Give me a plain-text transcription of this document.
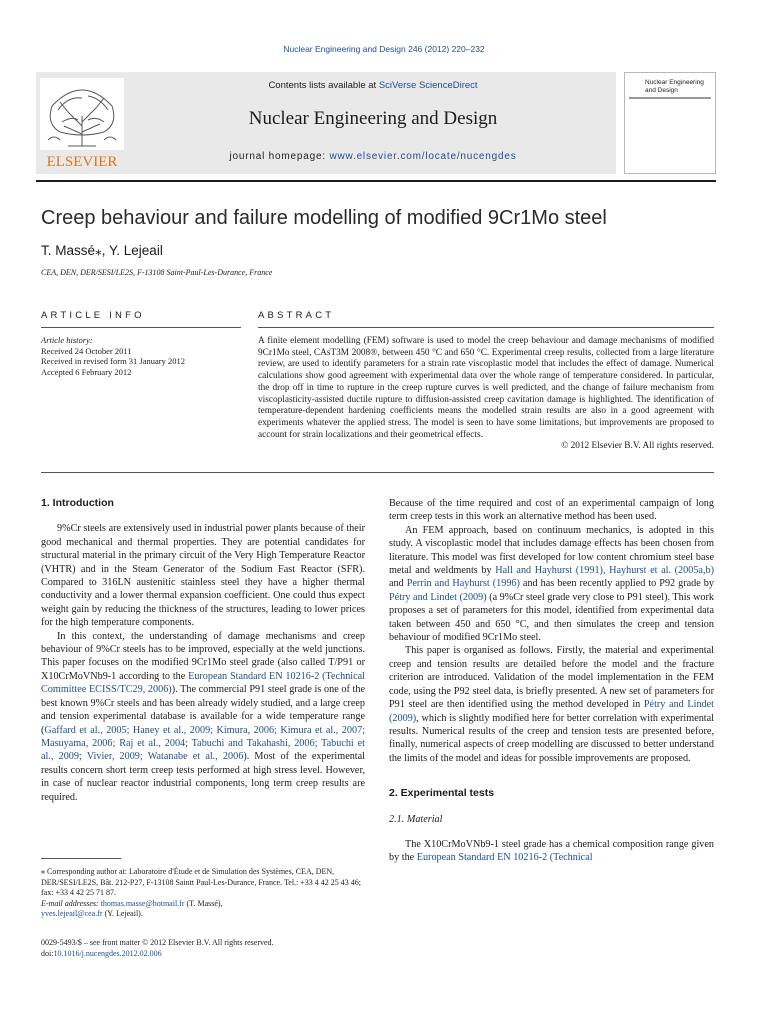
Nuclear Engineering and Design 246 (2012) 220–232
ELSEVIER
Contents lists available at SciVerse ScienceDirect
Nuclear Engineering and Design
journal homepage: www.elsevier.com/locate/nucengdes
Nuclear Engineering and Design
Creep behaviour and failure modelling of modified 9Cr1Mo steel
T. Massé⁎, Y. Lejeail
CEA, DEN, DER/SESI/LE2S, F-13108 Saint-Paul-Les-Durance, France
ARTICLE INFO	ABSTRACT
Article history:
Received 24 October 2011
Received in revised form 31 January 2012
Accepted 6 February 2012
A finite element modelling (FEM) software is used to model the creep behaviour and damage mechanisms of modified 9Cr1Mo steel, CAsT3M 2008®, between 450 °C and 650 °C. Experimental creep results, collected from a large literature review, are used to identify parameters for a strain rate viscoplastic model that includes the effect of damage. Numerical calculations show good agreement with experimental data over the whole range of temperature considered. In particular, the drop off in time to rupture in the creep rupture curves is well predicted, and the change of failure mechanism from viscoplasticity-assisted ductile rupture to diffusion-assisted creep cavitation damage is highlighted. The identification of temperature-dependent hardening coefficients means the modelled strain results are also in a good agreement with experiments whatever the applied stress. The model is seen to have some limitations, but improvements are proposed to account for strain localizations and their geometrical effects.
© 2012 Elsevier B.V. All rights reserved.
1. Introduction

9%Cr steels are extensively used in industrial power plants because of their good mechanical and thermal properties. They are potential candidates for structural material in the primary circuit of the Very High Temperature Reactor (VHTR) and in the Steam Generator of the Sodium Fast Reactor (SFR). Compared to 316LN austenitic stainless steel they have a higher thermal conductivity and a lower thermal expansion coefficient. One could thus expect weight gain by reducing the thickness of the structures, leading to lower prices for the high temperature components.

In this context, the understanding of damage mechanisms and creep behaviour of 9%Cr steels has to be improved, especially at the weld junctions. This paper focuses on the modified 9Cr1Mo steel grade (also called T/P91 or X10CrMoVNb9-1 according to the European Standard EN 10216-2 (Technical Committee ECISS/TC29, 2006)). The commercial P91 steel grade is one of the best known 9%Cr steels and has been already widely studied, and a large creep and tension experimental database is available for a wide temperature range (Gaffard et al., 2005; Haney et al., 2009; Kimura, 2006; Kimura et al., 2007; Masuyama, 2006; Raj et al., 2004; Tabuchi and Takahashi, 2006; Tabuchi et al., 2009; Vivier, 2009; Watanabe et al., 2006). Most of the experimental results concern short term creep tests performed at high stress level. However, in case of nuclear reactor industrial components, long term creep results are required.

Because of the time required and cost of an experimental campaign of long term creep tests in this work an alternative method has been used.

An FEM approach, based on continuum mechanics, is adopted in this study. A viscoplastic model that includes damage effects has been chosen from literature. This model was first developed for low content chromium steel base metal and weldments by Hall and Hayhurst (1991), Hayhurst et al. (2005a,b) and Perrin and Hayhurst (1996) and has been recently applied to P92 grade by Pétry and Lindet (2009) (a 9%Cr steel grade very close to P91 steel). This work proposes a set of parameters for this model, identified from experimental data taken between 450 and 650 °C, and then simulates the creep and tension behaviour of modified 9Cr1Mo steel.

This paper is organised as follows. Firstly, the material and experimental creep and tension results are detailed before the model and the fracture criterion are introduced. Validation of the model implementation in the FEM code, using the P92 steel data, is briefly presented. A new set of parameters for P91 steel are then identified using the method developed in Pétry and Lindet (2009), which is slightly modified here for better correlation with experimental results. Numerical results of the creep and tension tests are presented before, finally, numerical aspects of creep modelling are discussed to better understand the limits of the model and ideas for possible improvements are proposed.

2. Experimental tests
2.1. Material

The X10CrMoVNb9-1 steel grade has a chemical composition range given by the European Standard EN 10216-2 (Technical

⁎ Corresponding author at: Laboratoire d'Étude et de Simulation des Systèmes, CEA, DEN, DER/SESI/LE2S, Bât. 212-P27, F-13108 Saintt Paul-Les-Durance, France. Tel.: +33 4 42 25 43 46; fax: +33 4 42 25 71 87.

E-mail addresses: thomas.masse@hotmail.fr (T. Massé),

yves.lejeail@cea.fr (Y. Lejeail).

0029-5493/$ – see front matter © 2012 Elsevier B.V. All rights reserved.

doi:10.1016/j.nucengdes.2012.02.006
